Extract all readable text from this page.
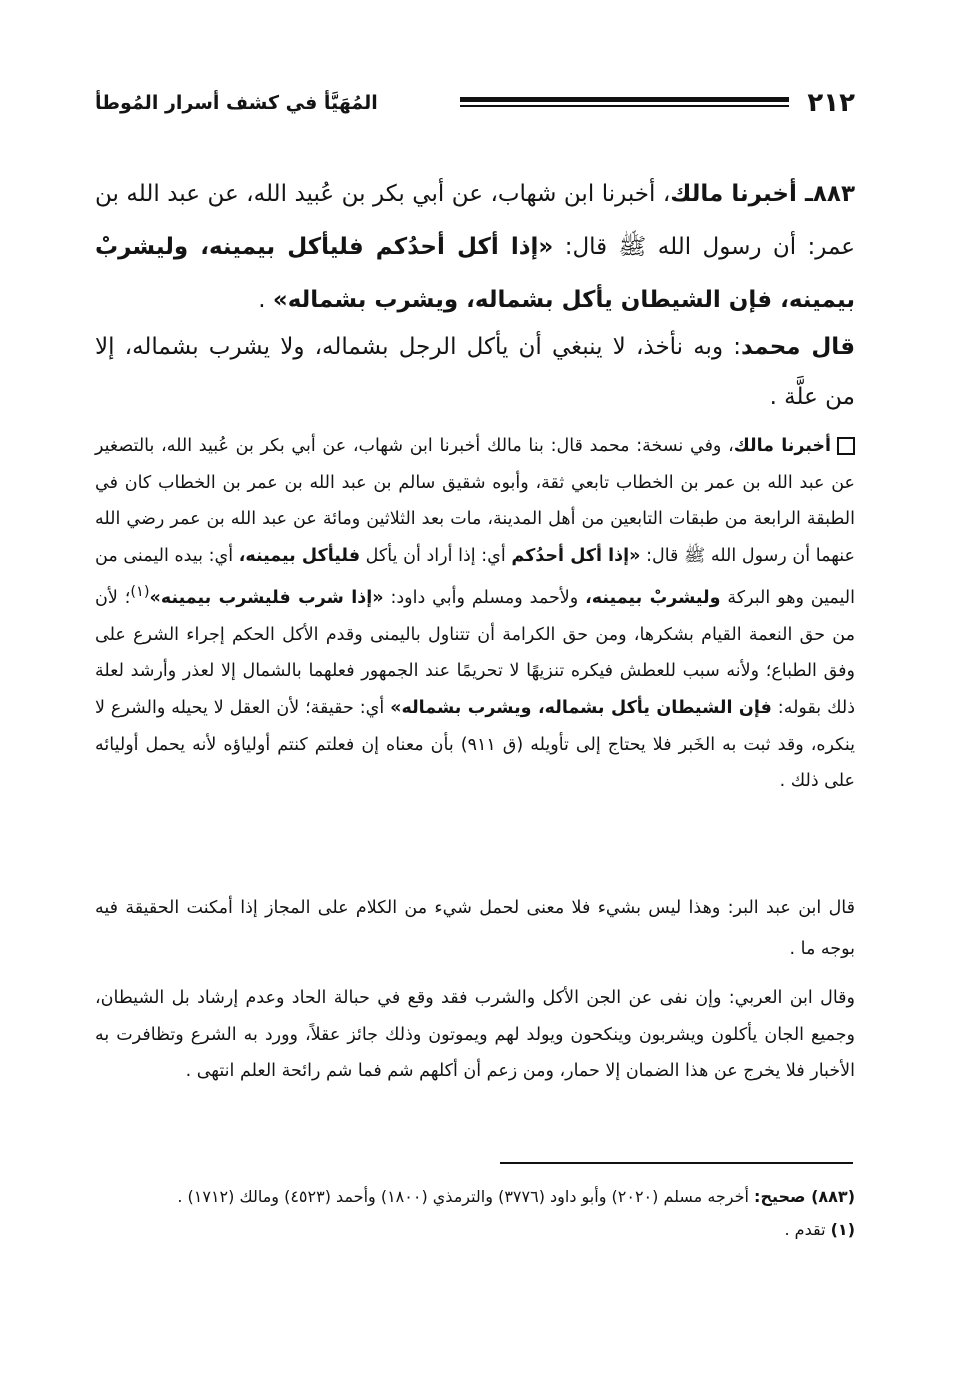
٢١٢
المُهَيَّأ في كشف أسرار المُوطأ
٨٨٣ـ أخبرنا مالك، أخبرنا ابن شهاب، عن أبي بكر بن عُبيد الله، عن عبد الله بن عمر: أن رسول الله ﷺ قال: «إذا أكل أحدُكم فليأكل بيمينه، وليشربْ بيمينه، فإن الشيطان يأكل بشماله، ويشرب بشماله» .
قال محمد: وبه نأخذ، لا ينبغي أن يأكل الرجل بشماله، ولا يشرب بشماله، إلا من علَّة .
أخبرنا مالك، وفي نسخة: محمد قال: بنا مالك أخبرنا ابن شهاب، عن أبي بكر بن عُبيد الله، بالتصغير عن عبد الله بن عمر بن الخطاب تابعي ثقة، وأبوه شقيق سالم بن عبد الله بن عمر بن الخطاب كان في الطبقة الرابعة من طبقات التابعين من أهل المدينة، مات بعد الثلاثين ومائة عن عبد الله بن عمر رضي الله عنهما أن رسول الله ﷺ قال: «إذا أكل أحدُكم أي: إذا أراد أن يأكل فليأكل بيمينه، أي: بيده اليمنى من اليمين وهو البركة وليشربْ بيمينه، ولأحمد ومسلم وأبي داود: «إذا شرب فليشرب بيمينه»$^{(١)}$؛ لأن من حق النعمة القيام بشكرها، ومن حق الكرامة أن تتناول باليمنى وقدم الأكل الحكم إجراء الشرع على وفق الطباع؛ ولأنه سبب للعطش فيكره تنزيهًا لا تحريمًا عند الجمهور فعلهما بالشمال إلا لعذر وأرشد لعلة ذلك بقوله: فإن الشيطان يأكل بشماله، ويشرب بشماله» أي: حقيقة؛ لأن العقل لا يحيله والشرع لا ينكره، وقد ثبت به الخَبر فلا يحتاج إلى تأويله (ق ٩١١) بأن معناه إن فعلتم كنتم أولياؤه لأنه يحمل أوليائه على ذلك .
قال ابن عبد البر: وهذا ليس بشيء فلا معنى لحمل شيء من الكلام على المجاز إذا أمكنت الحقيقة فيه بوجه ما .
وقال ابن العربي: وإن نفى عن الجن الأكل والشرب فقد وقع في حبالة الحاد وعدم إرشاد بل الشيطان، وجميع الجان يأكلون ويشربون وينكحون ويولد لهم ويموتون وذلك جائز عقلاً، وورد به الشرع وتظافرت به الأخبار فلا يخرج عن هذا الضمان إلا حمار، ومن زعم أن أكلهم شم فما شم رائحة العلم انتهى .
(٨٨٣) صحيح: أخرجه مسلم (٢٠٢٠) وأبو داود (٣٧٧٦) والترمذي (١٨٠٠) وأحمد (٤٥٢٣) ومالك (١٧١٢) .
(١) تقدم .
